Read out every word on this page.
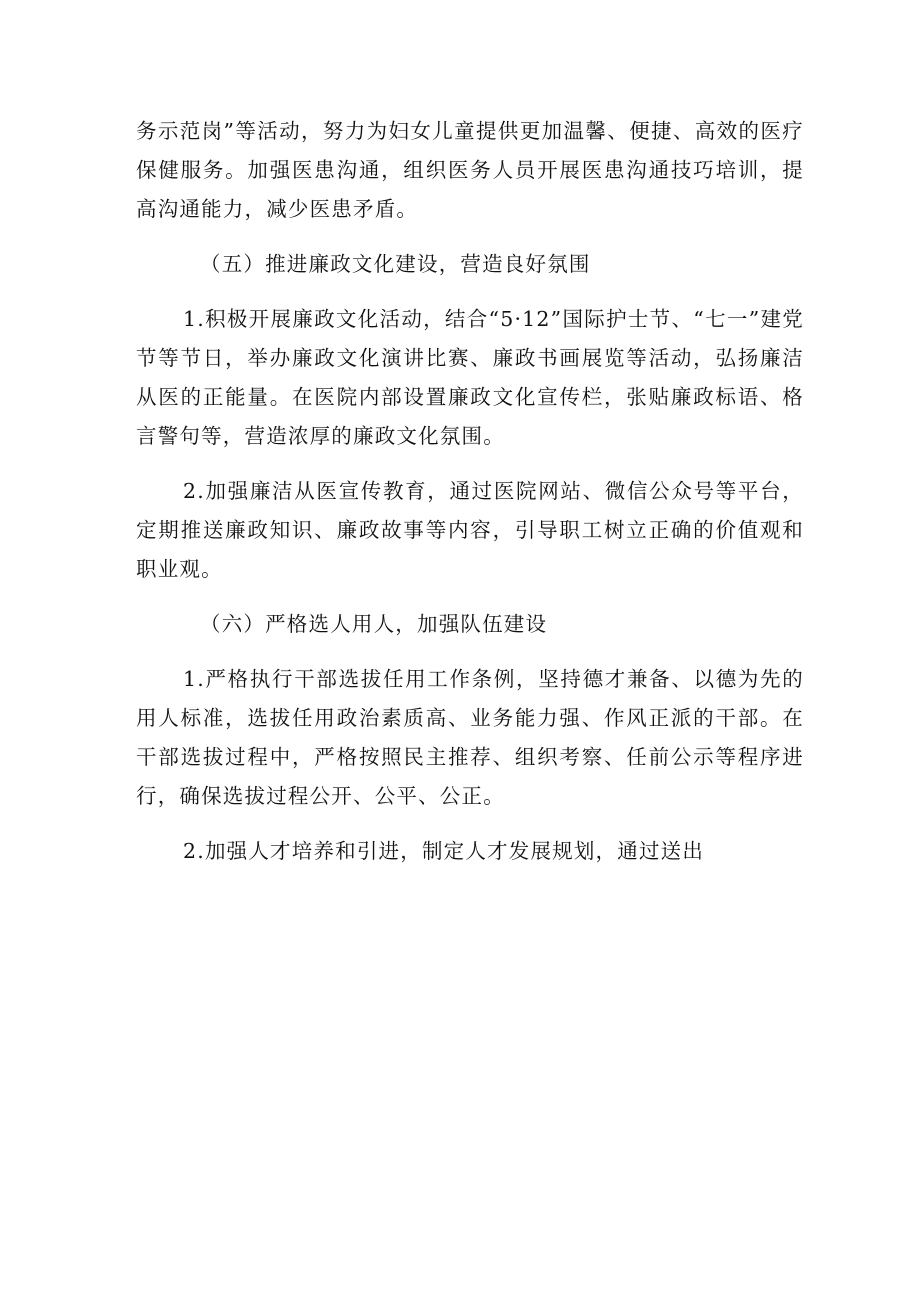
务示范岗”等活动，努力为妇女儿童提供更加温馨、便捷、高效的医疗保健服务。加强医患沟通，组织医务人员开展医患沟通技巧培训，提高沟通能力，减少医患矛盾。

（五）推进廉政文化建设，营造良好氛围

1.积极开展廉政文化活动，结合“5·12”国际护士节、“七一”建党节等节日，举办廉政文化演讲比赛、廉政书画展览等活动，弘扬廉洁从医的正能量。在医院内部设置廉政文化宣传栏，张贴廉政标语、格言警句等，营造浓厚的廉政文化氛围。

2.加强廉洁从医宣传教育，通过医院网站、微信公众号等平台，定期推送廉政知识、廉政故事等内容，引导职工树立正确的价值观和职业观。

（六）严格选人用人，加强队伍建设

1.严格执行干部选拔任用工作条例，坚持德才兼备、以德为先的用人标准，选拔任用政治素质高、业务能力强、作风正派的干部。在干部选拔过程中，严格按照民主推荐、组织考察、任前公示等程序进行，确保选拔过程公开、公平、公正。

2.加强人才培养和引进，制定人才发展规划，通过送出
